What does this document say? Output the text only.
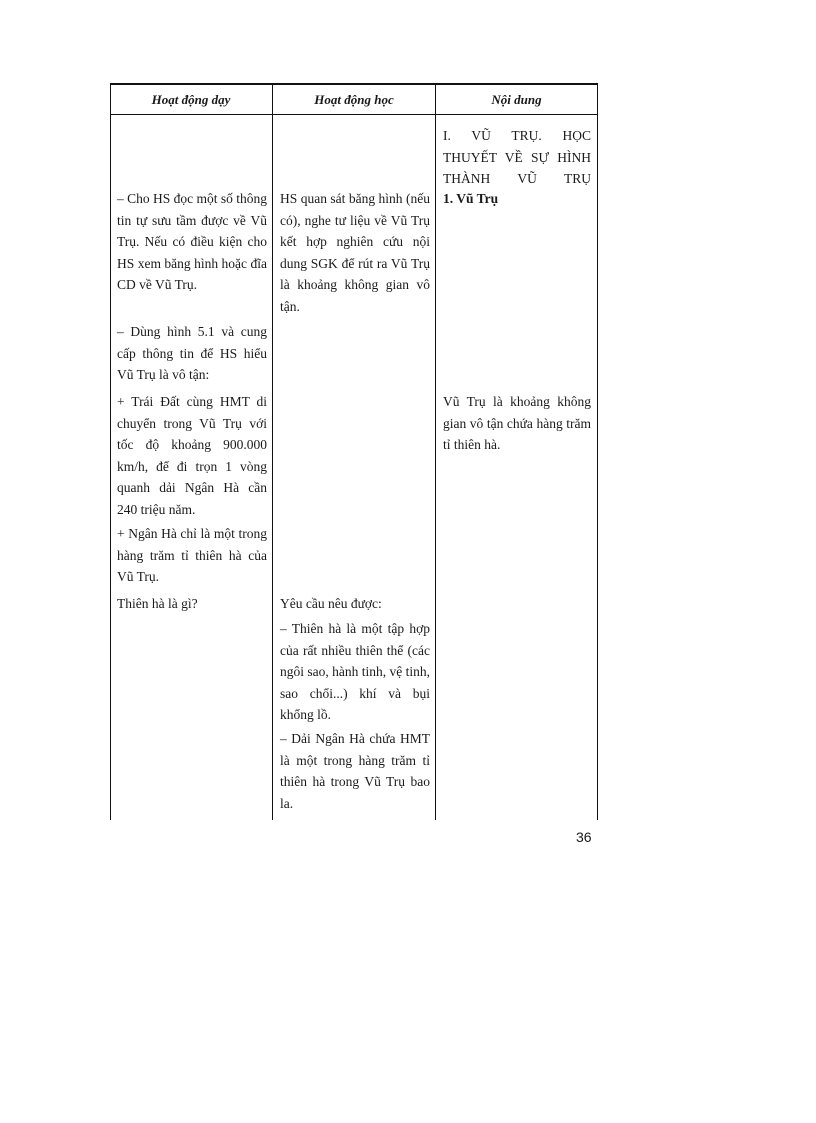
Hoạt động dạy	Hoạt động học	Nội dung

I. VŨ TRỤ. HỌC THUYẾT VỀ SỰ HÌNH THÀNH VŨ TRỤ

1. Vũ Trụ

Vũ Trụ là khoảng không gian vô tận chứa hàng trăm tỉ thiên hà.

– Cho HS đọc một số thông tin tự sưu tầm được về Vũ Trụ. Nếu có điều kiện cho HS xem băng hình hoặc đĩa CD về Vũ Trụ.

– Dùng hình 5.1 và cung cấp thông tin để HS hiểu Vũ Trụ là vô tận:

+ Trái Đất cùng HMT di chuyển trong Vũ Trụ với tốc độ khoảng 900.000 km/h, để đi trọn 1 vòng quanh dải Ngân Hà cần 240 triệu năm.

+ Ngân Hà chỉ là một trong hàng trăm tỉ thiên hà của Vũ Trụ.

Thiên hà là gì?

HS quan sát băng hình (nếu có), nghe tư liệu về Vũ Trụ kết hợp nghiên cứu nội dung SGK để rút ra Vũ Trụ là khoảng không gian vô tận.

Yêu cầu nêu được:

– Thiên hà là một tập hợp của rất nhiều thiên thể (các ngôi sao, hành tinh, vệ tinh, sao chổi...) khí và bụi khổng lồ.

– Dải Ngân Hà chứa HMT là một trong hàng trăm tỉ thiên hà trong Vũ Trụ bao la.

36
